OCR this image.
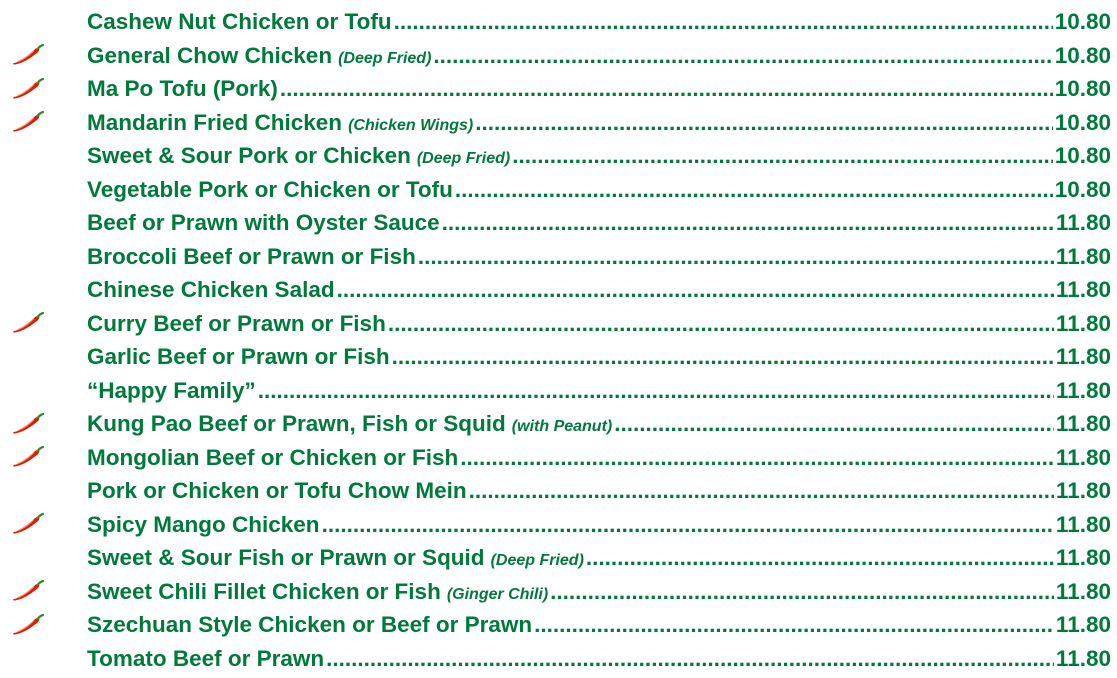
Cashew Nut Chicken or Tofu .....	10.80
General Chow Chicken (Deep Fried) .....	10.80
Ma Po Tofu (Pork) .....	10.80
Mandarin Fried Chicken (Chicken Wings) .....	10.80
Sweet & Sour Pork or Chicken (Deep Fried) .....	10.80
Vegetable Pork or Chicken or Tofu .....	10.80
Beef or Prawn with Oyster Sauce .....	11.80
Broccoli Beef or Prawn or Fish .....	11.80
Chinese Chicken Salad .....	11.80
Curry Beef or Prawn or Fish .....	11.80
Garlic Beef or Prawn or Fish .....	11.80
“Happy Family” .....	11.80
Kung Pao Beef or Prawn, Fish or Squid (with Peanut) .....	11.80
Mongolian Beef or Chicken or Fish .....	11.80
Pork or Chicken or Tofu Chow Mein .....	11.80
Spicy Mango Chicken .....	11.80
Sweet & Sour Fish or Prawn or Squid (Deep Fried) .....	11.80
Sweet Chili Fillet Chicken or Fish (Ginger Chili) .....	11.80
Szechuan Style Chicken or Beef or Prawn .....	11.80
Tomato Beef or Prawn .....	11.80
